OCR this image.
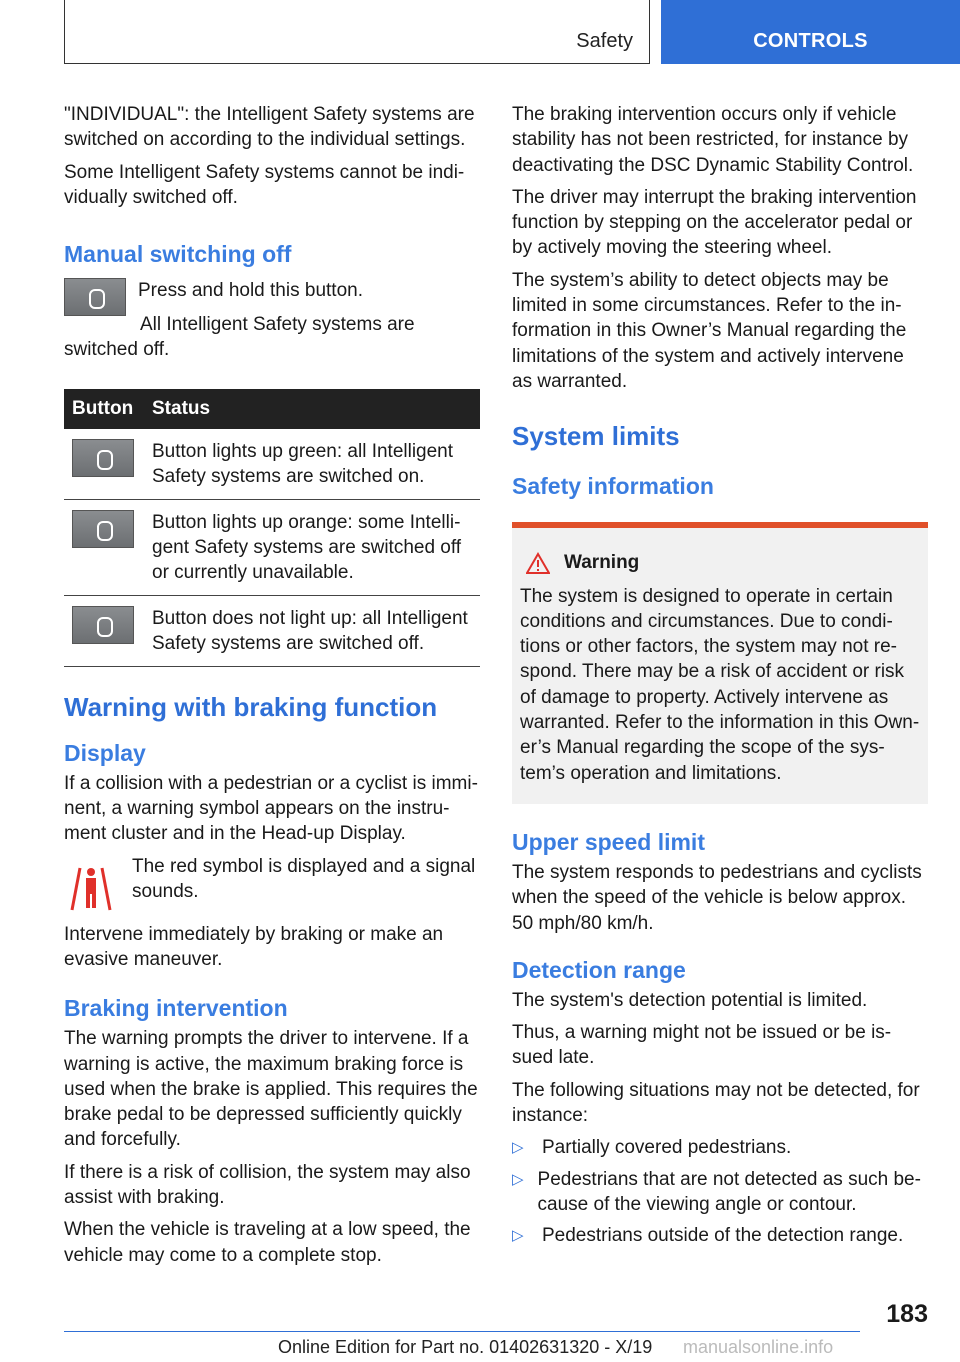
Safety	CONTROLS

"INDIVIDUAL": the Intelligent Safety systems are switched on according to the individual settings.

Some Intelligent Safety systems cannot be indi-vidually switched off.

Manual switching off

Press and hold this button.

All Intelligent Safety systems are switched off.

Button	Status
	Button lights up green: all Intelligent Safety systems are switched on.
	Button lights up orange: some Intelli-gent Safety systems are switched off or currently unavailable.
	Button does not light up: all Intelligent Safety systems are switched off.
Warning with braking function
Display

If a collision with a pedestrian or a cyclist is immi-nent, a warning symbol appears on the instru-ment cluster and in the Head-up Display.

The red symbol is displayed and a signal sounds.

Intervene immediately by braking or make an evasive maneuver.

Braking intervention

The warning prompts the driver to intervene. If a warning is active, the maximum braking force is used when the brake is applied. This requires the brake pedal to be depressed sufficiently quickly and forcefully.

If there is a risk of collision, the system may also assist with braking.

When the vehicle is traveling at a low speed, the vehicle may come to a complete stop.

The braking intervention occurs only if vehicle stability has not been restricted, for instance by deactivating the DSC Dynamic Stability Control.

The driver may interrupt the braking intervention function by stepping on the accelerator pedal or by actively moving the steering wheel.

The system’s ability to detect objects may be limited in some circumstances. Refer to the in-formation in this Owner’s Manual regarding the limitations of the system and actively intervene as warranted.

System limits
Safety information
Warning

The system is designed to operate in certain conditions and circumstances. Due to condi-tions or other factors, the system may not re-spond. There may be a risk of accident or risk of damage to property. Actively intervene as warranted. Refer to the information in this Own-er’s Manual regarding the scope of the sys-tem’s operation and limitations.

Upper speed limit

The system responds to pedestrians and cyclists when the speed of the vehicle is below approx. 50 mph/80 km/h.

Detection range

The system's detection potential is limited.

Thus, a warning might not be issued or be is-sued late.

The following situations may not be detected, for instance:

▷ Partially covered pedestrians.
▷ Pedestrians that are not detected as such be-cause of the viewing angle or contour.
▷ Pedestrians outside of the detection range.
183
Online Edition for Part no. 01402631320 - X/19 manualsonline.info
